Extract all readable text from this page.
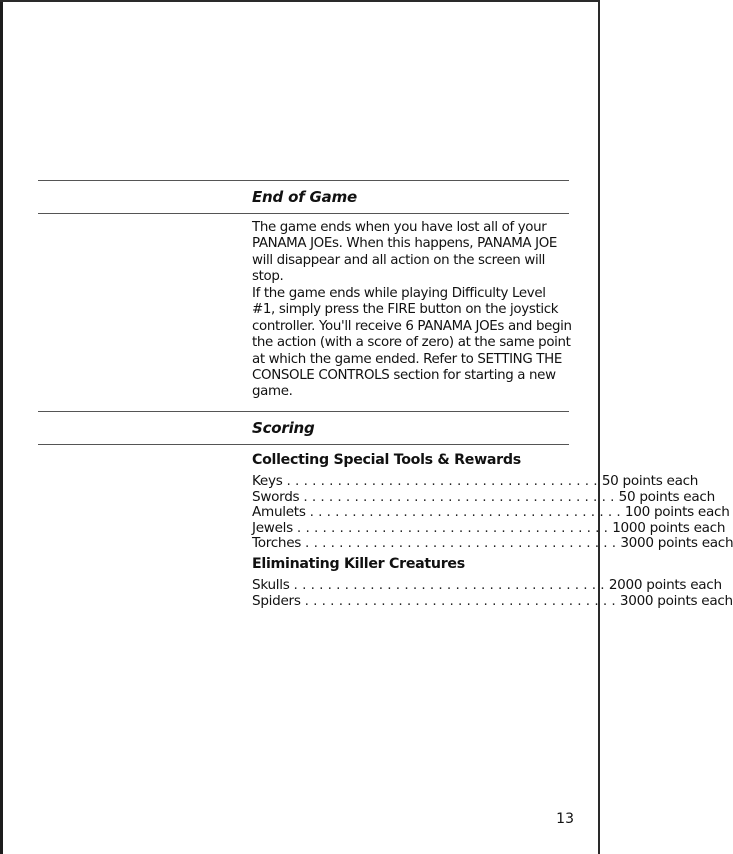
End of Game

The game ends when you have lost all of your PANAMA JOEs. When this happens, PANAMA JOE will disappear and all action on the screen will stop.

If the game ends while playing Difficulty Level #1, simply press the FIRE button on the joystick controller. You'll receive 6 PANAMA JOEs and begin the action (with a score of zero) at the same point at which the game ended. Refer to SETTING THE CONSOLE CONTROLS section for starting a new game.

Scoring
Collecting Special Tools & Rewards
Keys ..................................... 50 points each
Swords ..................................... 50 points each
Amulets ..................................... 100 points each
Jewels ..................................... 1000 points each
Torches ..................................... 3000 points each
Eliminating Killer Creatures
Skulls ..................................... 2000 points each
Spiders ..................................... 3000 points each
13
